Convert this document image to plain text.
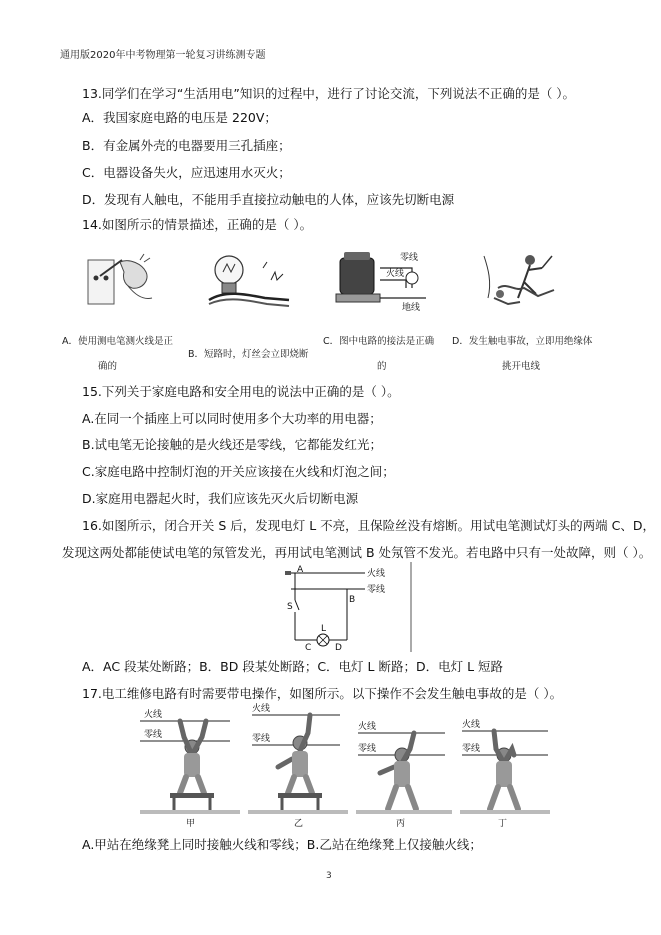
通用版2020年中考物理第一轮复习讲练测专题
13.同学们在学习“生活用电”知识的过程中，进行了讨论交流，下列说法不正确的是（ ）。
A．我国家庭电路的电压是 220V；
B．有金属外壳的电器要用三孔插座；
C．电器设备失火，应迅速用水灭火；
D．发现有人触电，不能用手直接拉动触电的人体，应该先切断电源
14.如图所示的情景描述，正确的是（ ）。
零线
火线
地线
A．使用测电笔测火线是正
确的
B．短路时，灯丝会立即烧断
C．图中电路的接法是正确
的
D．发生触电事故，立即用绝缘体
挑开电线
15.下列关于家庭电路和安全用电的说法中正确的是（ ）。
A.在同一个插座上可以同时使用多个大功率的用电器；
B.试电笔无论接触的是火线还是零线，它都能发红光；
C.家庭电路中控制灯泡的开关应该接在火线和灯泡之间；
D.家庭用电器起火时，我们应该先灭火后切断电源
16.如图所示，闭合开关 S 后，发现电灯 L 不亮，且保险丝没有熔断。用试电笔测试灯头的两端 C、D，
发现这两处都能使试电笔的氖管发光，再用试电笔测试 B 处氖管不发光。若电路中只有一处故障，则（ ）。
A	火线
零线
B
S
L
C	D
A．AC 段某处断路；B．BD 段某处断路；C．电灯 L 断路；D．电灯 L 短路
17.电工维修电路有时需要带电操作，如图所示。以下操作不会发生触电事故的是（ ）。
火线
零线
甲
火线
零线
乙
火线
零线
丙
火线
零线
丁
A.甲站在绝缘凳上同时接触火线和零线；B.乙站在绝缘凳上仅接触火线；
3
